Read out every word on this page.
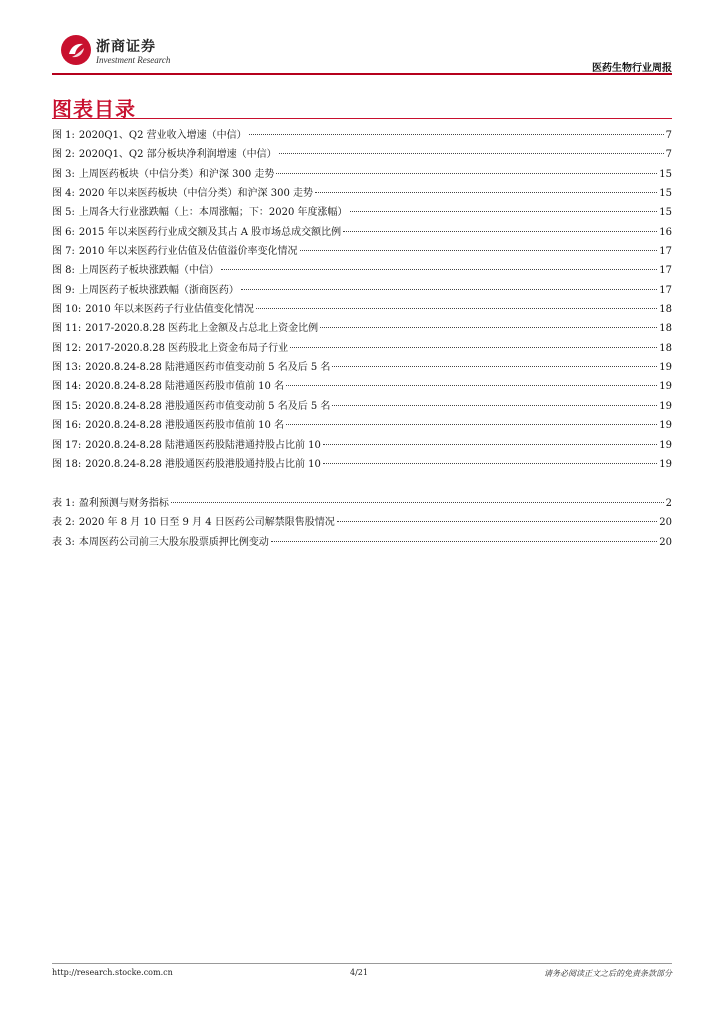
浙商证券
Investment Research
医药生物行业周报
图表目录
图 1: 2020Q1、Q2 营业收入增速（中信）	7
图 2: 2020Q1、Q2 部分板块净利润增速（中信）	7
图 3: 上周医药板块（中信分类）和沪深 300 走势	15
图 4: 2020 年以来医药板块（中信分类）和沪深 300 走势	15
图 5: 上周各大行业涨跌幅（上：本周涨幅；下：2020 年度涨幅）	15
图 6: 2015 年以来医药行业成交额及其占 A 股市场总成交额比例	16
图 7: 2010 年以来医药行业估值及估值溢价率变化情况	17
图 8: 上周医药子板块涨跌幅（中信）	17
图 9: 上周医药子板块涨跌幅（浙商医药）	17
图 10: 2010 年以来医药子行业估值变化情况	18
图 11: 2017-2020.8.28 医药北上金额及占总北上资金比例	18
图 12: 2017-2020.8.28 医药股北上资金布局子行业	18
图 13: 2020.8.24-8.28 陆港通医药市值变动前 5 名及后 5 名	19
图 14: 2020.8.24-8.28 陆港通医药股市值前 10 名	19
图 15: 2020.8.24-8.28 港股通医药市值变动前 5 名及后 5 名	19
图 16: 2020.8.24-8.28 港股通医药股市值前 10 名	19
图 17: 2020.8.24-8.28 陆港通医药股陆港通持股占比前 10	19
图 18: 2020.8.24-8.28 港股通医药股港股通持股占比前 10	19
表 1: 盈利预测与财务指标	2
表 2: 2020 年 8 月 10 日至 9 月 4 日医药公司解禁限售股情况	20
表 3: 本周医药公司前三大股东股票质押比例变动	20
http://research.stocke.com.cn	4/21	请务必阅读正文之后的免责条款部分
